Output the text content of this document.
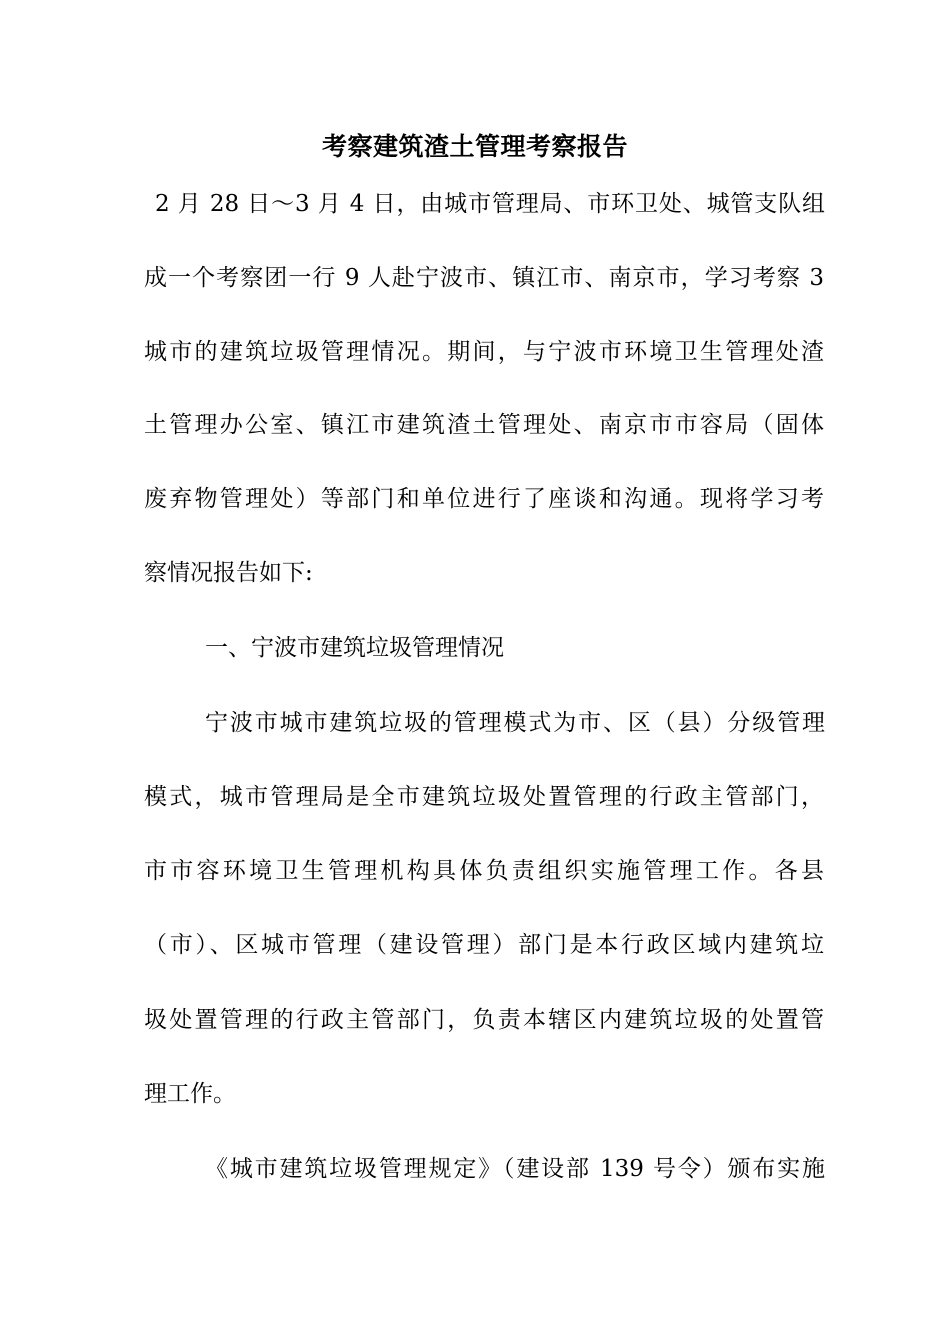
考察建筑渣土管理考察报告
2 月 28 日～3 月 4 日，由城市管理局、市环卫处、城管支队组
成一个考察团一行 9 人赴宁波市、镇江市、南京市，学习考察 3
城市的建筑垃圾管理情况。期间，与宁波市环境卫生管理处渣
土管理办公室、镇江市建筑渣土管理处、南京市市容局（固体
废弃物管理处）等部门和单位进行了座谈和沟通。现将学习考
察情况报告如下:
一、宁波市建筑垃圾管理情况
宁波市城市建筑垃圾的管理模式为市、区（县）分级管理
模式，城市管理局是全市建筑垃圾处置管理的行政主管部门，
市市容环境卫生管理机构具体负责组织实施管理工作。各县
（市）、区城市管理（建设管理）部门是本行政区域内建筑垃
圾处置管理的行政主管部门，负责本辖区内建筑垃圾的处置管
理工作。
《城市建筑垃圾管理规定》（建设部 139 号令）颁布实施
